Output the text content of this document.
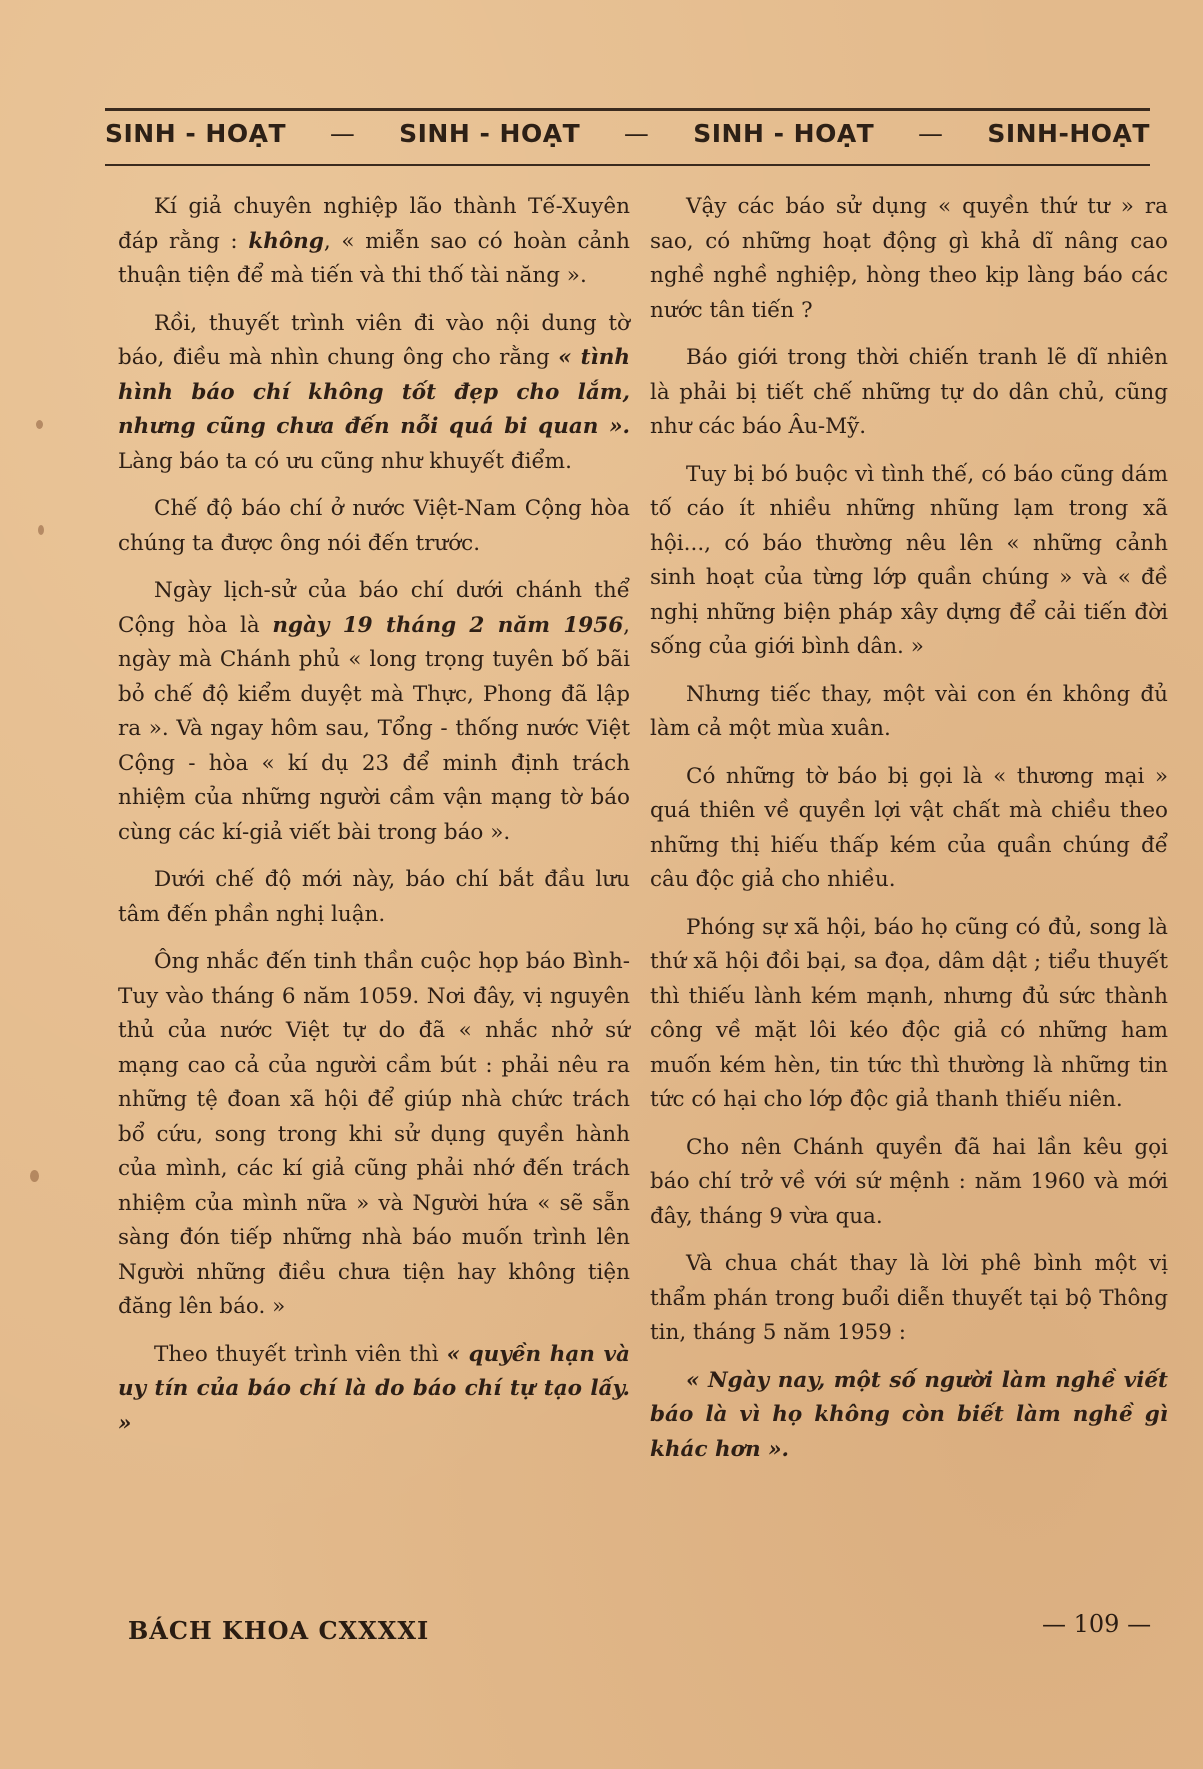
SINH - HOẠT — SINH - HOẠT — SINH - HOẠT — SINH-HOẠT

Kí giả chuyên nghiệp lão thành Tế-Xuyên đáp rằng : không, « miễn sao có hoàn cảnh thuận tiện để mà tiến và thi thố tài năng ».

Rồi, thuyết trình viên đi vào nội dung tờ báo, điều mà nhìn chung ông cho rằng « tình hình báo chí không tốt đẹp cho lắm, nhưng cũng chưa đến nỗi quá bi quan ». Làng báo ta có ưu cũng như khuyết điểm.

Chế độ báo chí ở nước Việt-Nam Cộng hòa chúng ta được ông nói đến trước.

Ngày lịch-sử của báo chí dưới chánh thể Cộng hòa là ngày 19 tháng 2 năm 1956, ngày mà Chánh phủ « long trọng tuyên bố bãi bỏ chế độ kiểm duyệt mà Thực, Phong đã lập ra ». Và ngay hôm sau, Tổng - thống nước Việt Cộng - hòa « kí dụ 23 để minh định trách nhiệm của những người cầm vận mạng tờ báo cùng các kí-giả viết bài trong báo ».

Dưới chế độ mới này, báo chí bắt đầu lưu tâm đến phần nghị luận.

Ông nhắc đến tinh thần cuộc họp báo Bình-Tuy vào tháng 6 năm 1059. Nơi đây, vị nguyên thủ của nước Việt tự do đã « nhắc nhở sứ mạng cao cả của người cầm bút : phải nêu ra những tệ đoan xã hội để giúp nhà chức trách bổ cứu, song trong khi sử dụng quyền hành của mình, các kí giả cũng phải nhớ đến trách nhiệm của mình nữa » và Người hứa « sẽ sẵn sàng đón tiếp những nhà báo muốn trình lên Người những điều chưa tiện hay không tiện đăng lên báo. »

Theo thuyết trình viên thì « quyền hạn và uy tín của báo chí là do báo chí tự tạo lấy. »

Vậy các báo sử dụng « quyền thứ tư » ra sao, có những hoạt động gì khả dĩ nâng cao nghề nghề nghiệp, hòng theo kịp làng báo các nước tân tiến ?

Báo giới trong thời chiến tranh lẽ dĩ nhiên là phải bị tiết chế những tự do dân chủ, cũng như các báo Âu-Mỹ.

Tuy bị bó buộc vì tình thế, có báo cũng dám tố cáo ít nhiều những nhũng lạm trong xã hội..., có báo thường nêu lên « những cảnh sinh hoạt của từng lớp quần chúng » và « đề nghị những biện pháp xây dựng để cải tiến đời sống của giới bình dân. »

Nhưng tiếc thay, một vài con én không đủ làm cả một mùa xuân.

Có những tờ báo bị gọi là « thương mại » quá thiên về quyền lợi vật chất mà chiều theo những thị hiếu thấp kém của quần chúng để câu độc giả cho nhiều.

Phóng sự xã hội, báo họ cũng có đủ, song là thứ xã hội đồi bại, sa đọa, dâm dật ; tiểu thuyết thì thiếu lành kém mạnh, nhưng đủ sức thành công về mặt lôi kéo độc giả có những ham muốn kém hèn, tin tức thì thường là những tin tức có hại cho lớp độc giả thanh thiếu niên.

Cho nên Chánh quyền đã hai lần kêu gọi báo chí trở về với sứ mệnh : năm 1960 và mới đây, tháng 9 vừa qua.

Và chua chát thay là lời phê bình một vị thẩm phán trong buổi diễn thuyết tại bộ Thông tin, tháng 5 năm 1959 :

« Ngày nay, một số người làm nghề viết báo là vì họ không còn biết làm nghề gì khác hơn ».

BÁCH KHOA CXXXXI	— 109 —
